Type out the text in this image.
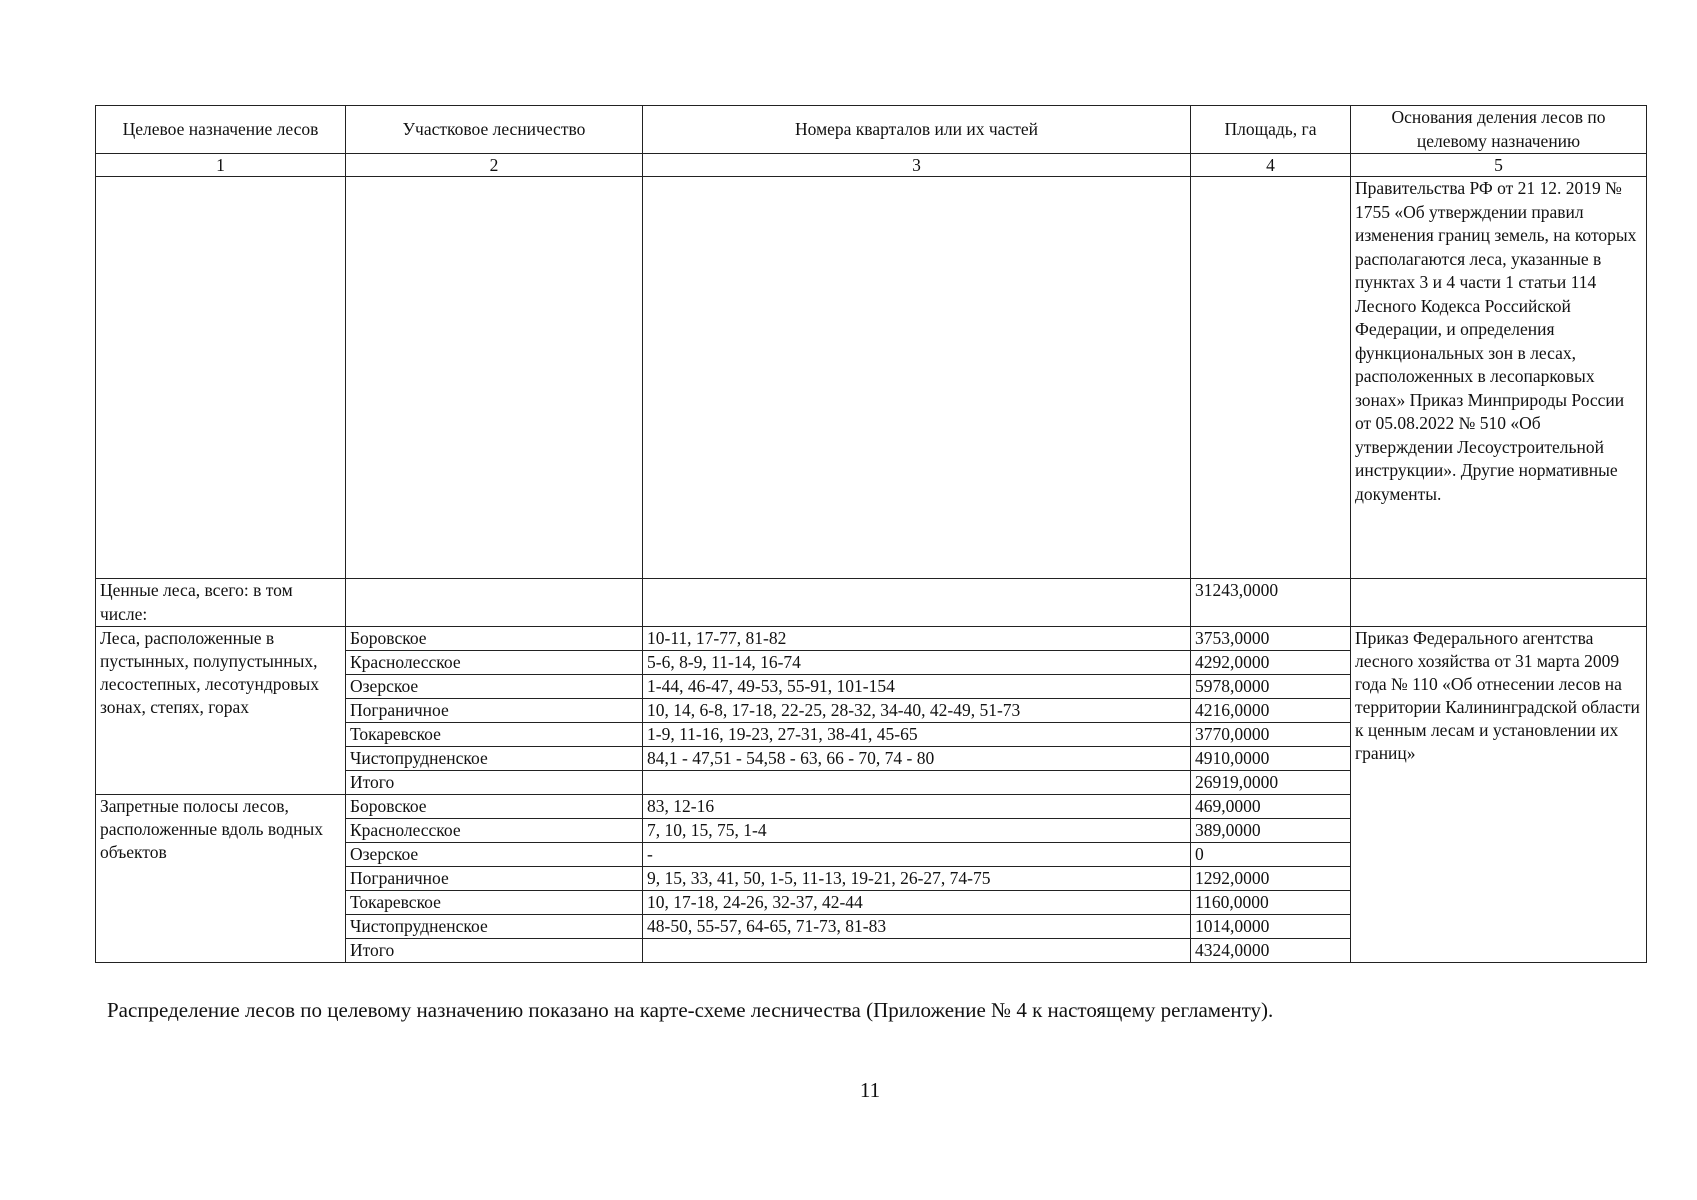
Целевое назначение лесов	Участковое лесничество	Номера кварталов или их частей	Площадь, га	Основания деления лесов по целевому назначению
1	2	3	4	5
				Правительства РФ от 21 12. 2019 № 1755 «Об утверждении правил изменения границ земель, на которых располагаются леса, указанные в пунктах 3 и 4 части 1 статьи 114 Лесного Кодекса Российской Федерации, и определения функциональных зон в лесах, расположенных в лесопарковых зонах» Приказ Минприроды России от 05.08.2022 № 510 «Об утверждении Лесоустроительной инструкции». Другие нормативные документы.
Ценные леса, всего: в том числе:			31243,0000	
Леса, расположенные в пустынных, полупустынных, лесостепных, лесотундровых зонах, степях, горах	Боровское	10-11, 17-77, 81-82	3753,0000	Приказ Федерального агентства лесного хозяйства от 31 марта 2009 года № 110 «Об отнесении лесов на территории Калининградской области к ценным лесам и установлении их границ»
	Краснолесское	5-6, 8-9, 11-14, 16-74	4292,0000	
	Озерское	1-44, 46-47, 49-53, 55-91, 101-154	5978,0000	
	Пограничное	10, 14, 6-8, 17-18, 22-25, 28-32, 34-40, 42-49, 51-73	4216,0000	
	Токаревское	1-9, 11-16, 19-23, 27-31, 38-41, 45-65	3770,0000	
	Чистопрудненское	84,1 - 47,51 - 54,58 - 63, 66 - 70, 74 - 80	4910,0000	
	Итого		26919,0000	
Запретные полосы лесов, расположенные вдоль водных объектов	Боровское	83, 12-16	469,0000	
	Краснолесское	7, 10, 15, 75, 1-4	389,0000	
	Озерское	-	0	
	Пограничное	9, 15, 33, 41, 50, 1-5, 11-13, 19-21, 26-27, 74-75	1292,0000	
	Токаревское	10, 17-18, 24-26, 32-37, 42-44	1160,0000	
	Чистопрудненское	48-50, 55-57, 64-65, 71-73, 81-83	1014,0000	
	Итого		4324,0000	
Распределение лесов по целевому назначению показано на карте-схеме лесничества (Приложение № 4 к настоящему регламенту).
11
